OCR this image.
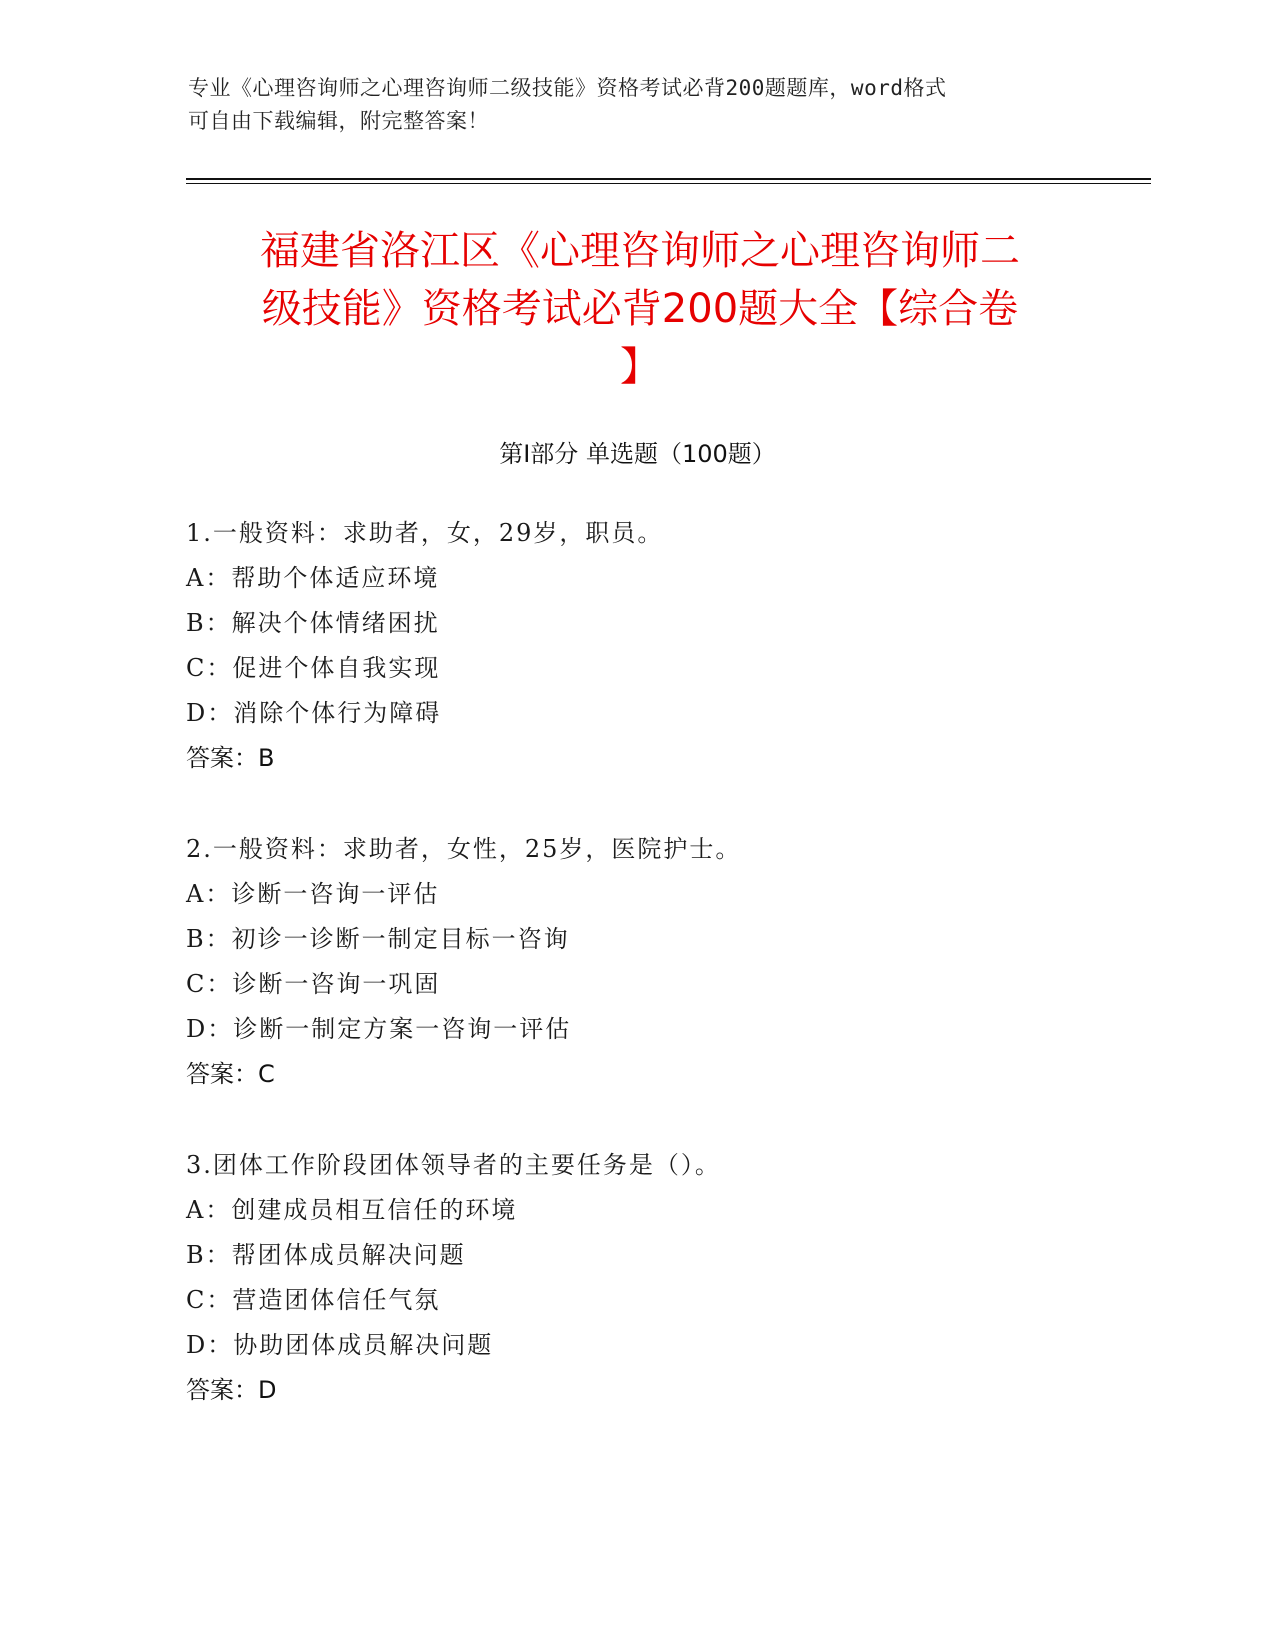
专业《心理咨询师之心理咨询师二级技能》资格考试必背200题题库，word格式
可自由下载编辑，附完整答案！
福建省洛江区《心理咨询师之心理咨询师二
级技能》资格考试必背200题大全【综合卷
】
第Ⅰ部分 单选题（100题）
1.一般资料：求助者，女，29岁，职员。
A：帮助个体适应环境
B：解决个体情绪困扰
C：促进个体自我实现
D：消除个体行为障碍
答案：B
2.一般资料：求助者，女性，25岁，医院护士。
A：诊断一咨询一评估
B：初诊一诊断一制定目标一咨询
C：诊断一咨询一巩固
D：诊断一制定方案一咨询一评估
答案：C
3.团体工作阶段团体领导者的主要任务是（）。
A：创建成员相互信任的环境
B：帮团体成员解决问题
C：营造团体信任气氛
D：协助团体成员解决问题
答案：D
